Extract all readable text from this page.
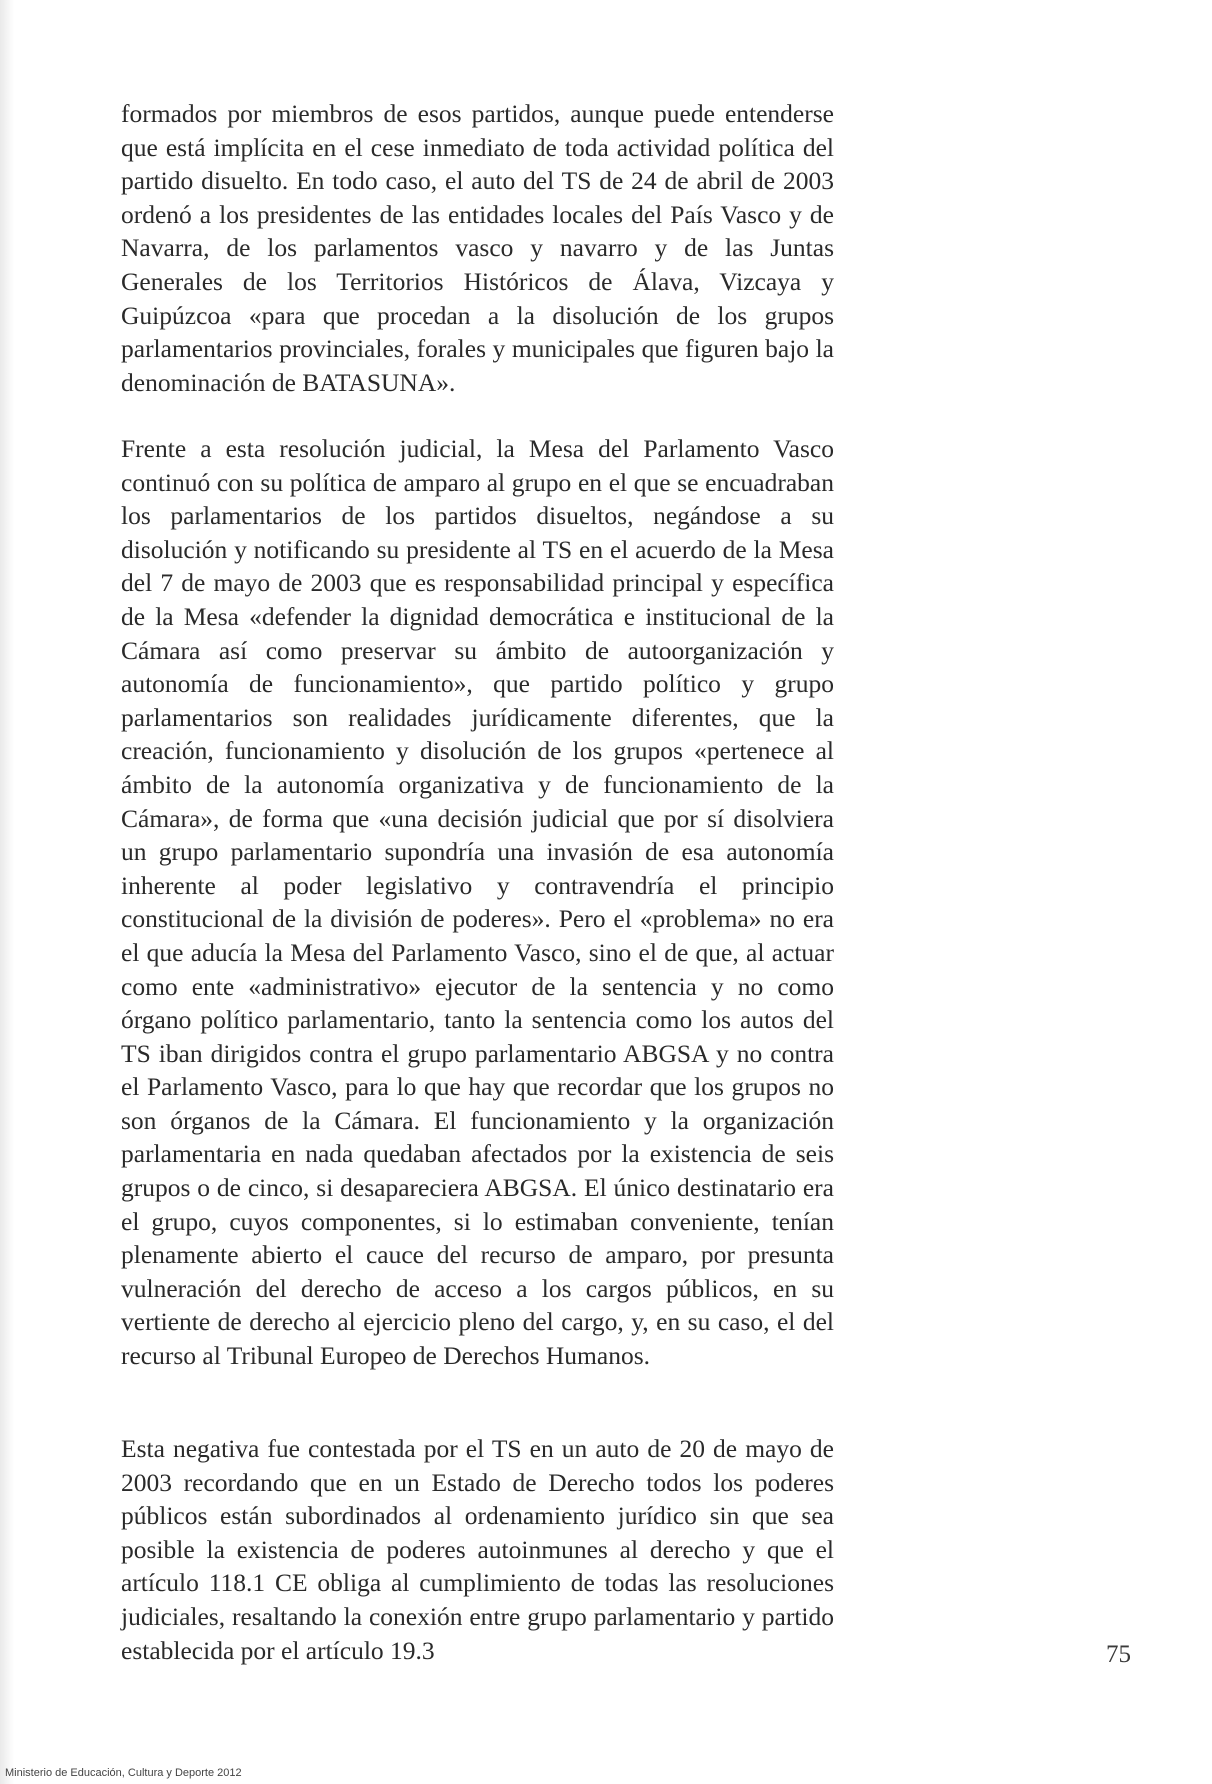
formados por miembros de esos partidos, aunque puede entenderse que está implícita en el cese inmediato de toda actividad política del partido disuelto. En todo caso, el auto del TS de 24 de abril de 2003 ordenó a los presidentes de las entidades locales del País Vasco y de Navarra, de los parlamentos vasco y navarro y de las Juntas Generales de los Territorios Históricos de Álava, Vizcaya y Guipúzcoa «para que procedan a la disolución de los grupos parlamentarios provinciales, forales y municipales que figuren bajo la denominación de BATASUNA».

Frente a esta resolución judicial, la Mesa del Parlamento Vasco continuó con su política de amparo al grupo en el que se encuadraban los parlamentarios de los partidos disueltos, negándose a su disolución y notificando su presidente al TS en el acuerdo de la Mesa del 7 de mayo de 2003 que es responsabilidad principal y específica de la Mesa «defender la dignidad democrática e institucional de la Cámara así como preservar su ámbito de autoorganización y autonomía de funcionamiento», que partido político y grupo parlamentarios son realidades jurídicamente diferentes, que la creación, funcionamiento y disolución de los grupos «pertenece al ámbito de la autonomía organizativa y de funcionamiento de la Cámara», de forma que «una decisión judicial que por sí disolviera un grupo parlamentario supondría una invasión de esa autonomía inherente al poder legislativo y contravendría el principio constitucional de la división de poderes». Pero el «problema» no era el que aducía la Mesa del Parlamento Vasco, sino el de que, al actuar como ente «administrativo» ejecutor de la sentencia y no como órgano político parlamentario, tanto la sentencia como los autos del TS iban dirigidos contra el grupo parlamentario ABGSA y no contra el Parlamento Vasco, para lo que hay que recordar que los grupos no son órganos de la Cámara. El funcionamiento y la organización parlamentaria en nada quedaban afectados por la existencia de seis grupos o de cinco, si desapareciera ABGSA. El único destinatario era el grupo, cuyos componentes, si lo estimaban conveniente, tenían plenamente abierto el cauce del recurso de amparo, por presunta vulneración del derecho de acceso a los cargos públicos, en su vertiente de derecho al ejercicio pleno del cargo, y, en su caso, el del recurso al Tribunal Europeo de Derechos Humanos.

Esta negativa fue contestada por el TS en un auto de 20 de mayo de 2003 recordando que en un Estado de Derecho todos los poderes públicos están subordinados al ordenamiento jurídico sin que sea posible la existencia de poderes autoinmunes al derecho y que el artículo 118.1 CE obliga al cumplimiento de todas las resoluciones judiciales, resaltando la conexión entre grupo parlamentario y partido establecida por el artículo 19.3	75
Ministerio de Educación, Cultura y Deporte 2012
